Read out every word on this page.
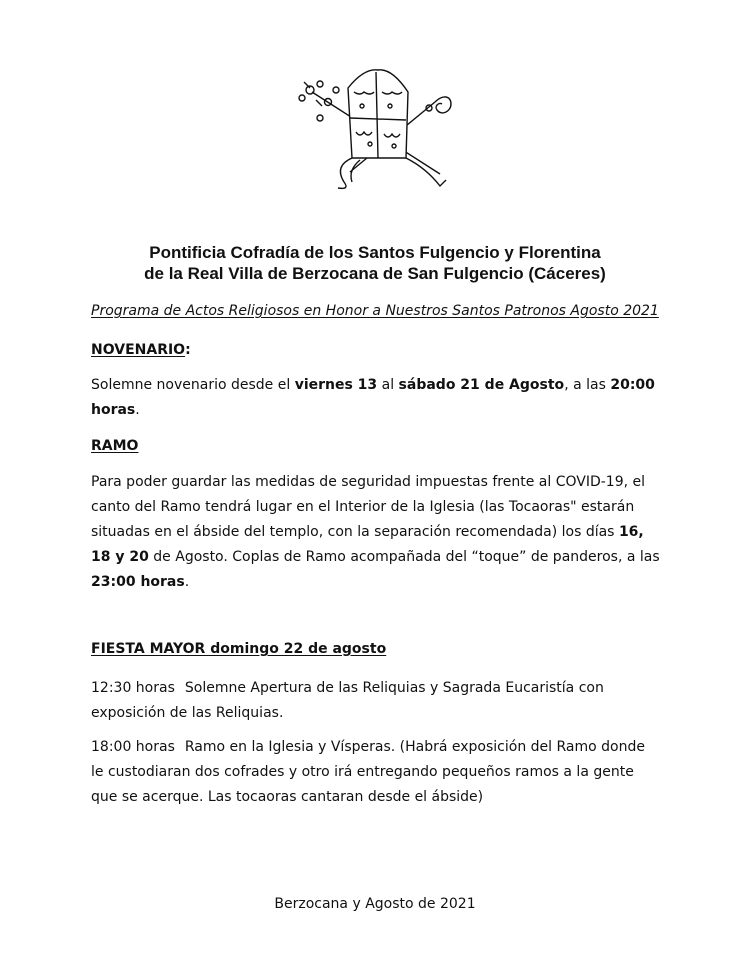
Pontificia Cofradía de los Santos Fulgencio y Florentina
de la Real Villa de Berzocana de San Fulgencio (Cáceres)
Programa de Actos Religiosos en Honor a Nuestros Santos Patronos Agosto 2021
NOVENARIO:
Solemne novenario desde el viernes 13 al sábado 21 de Agosto, a las 20:00 horas.
RAMO
Para poder guardar las medidas de seguridad impuestas frente al COVID-19, el canto del Ramo tendrá lugar en el Interior de la Iglesia (las Tocaoras" estarán situadas en el ábside del templo, con la separación recomendada) los días 16, 18 y 20 de Agosto. Coplas de Ramo acompañada del “toque” de panderos, a las 23:00 horas.
FIESTA MAYOR domingo 22 de agosto
12:30 horas Solemne Apertura de las Reliquias y Sagrada Eucaristía con exposición de las Reliquias.
18:00 horas Ramo en la Iglesia y Vísperas. (Habrá exposición del Ramo donde le custodiaran dos cofrades y otro irá entregando pequeños ramos a la gente que se acerque. Las tocaoras cantaran desde el ábside)
Berzocana y Agosto de 2021
